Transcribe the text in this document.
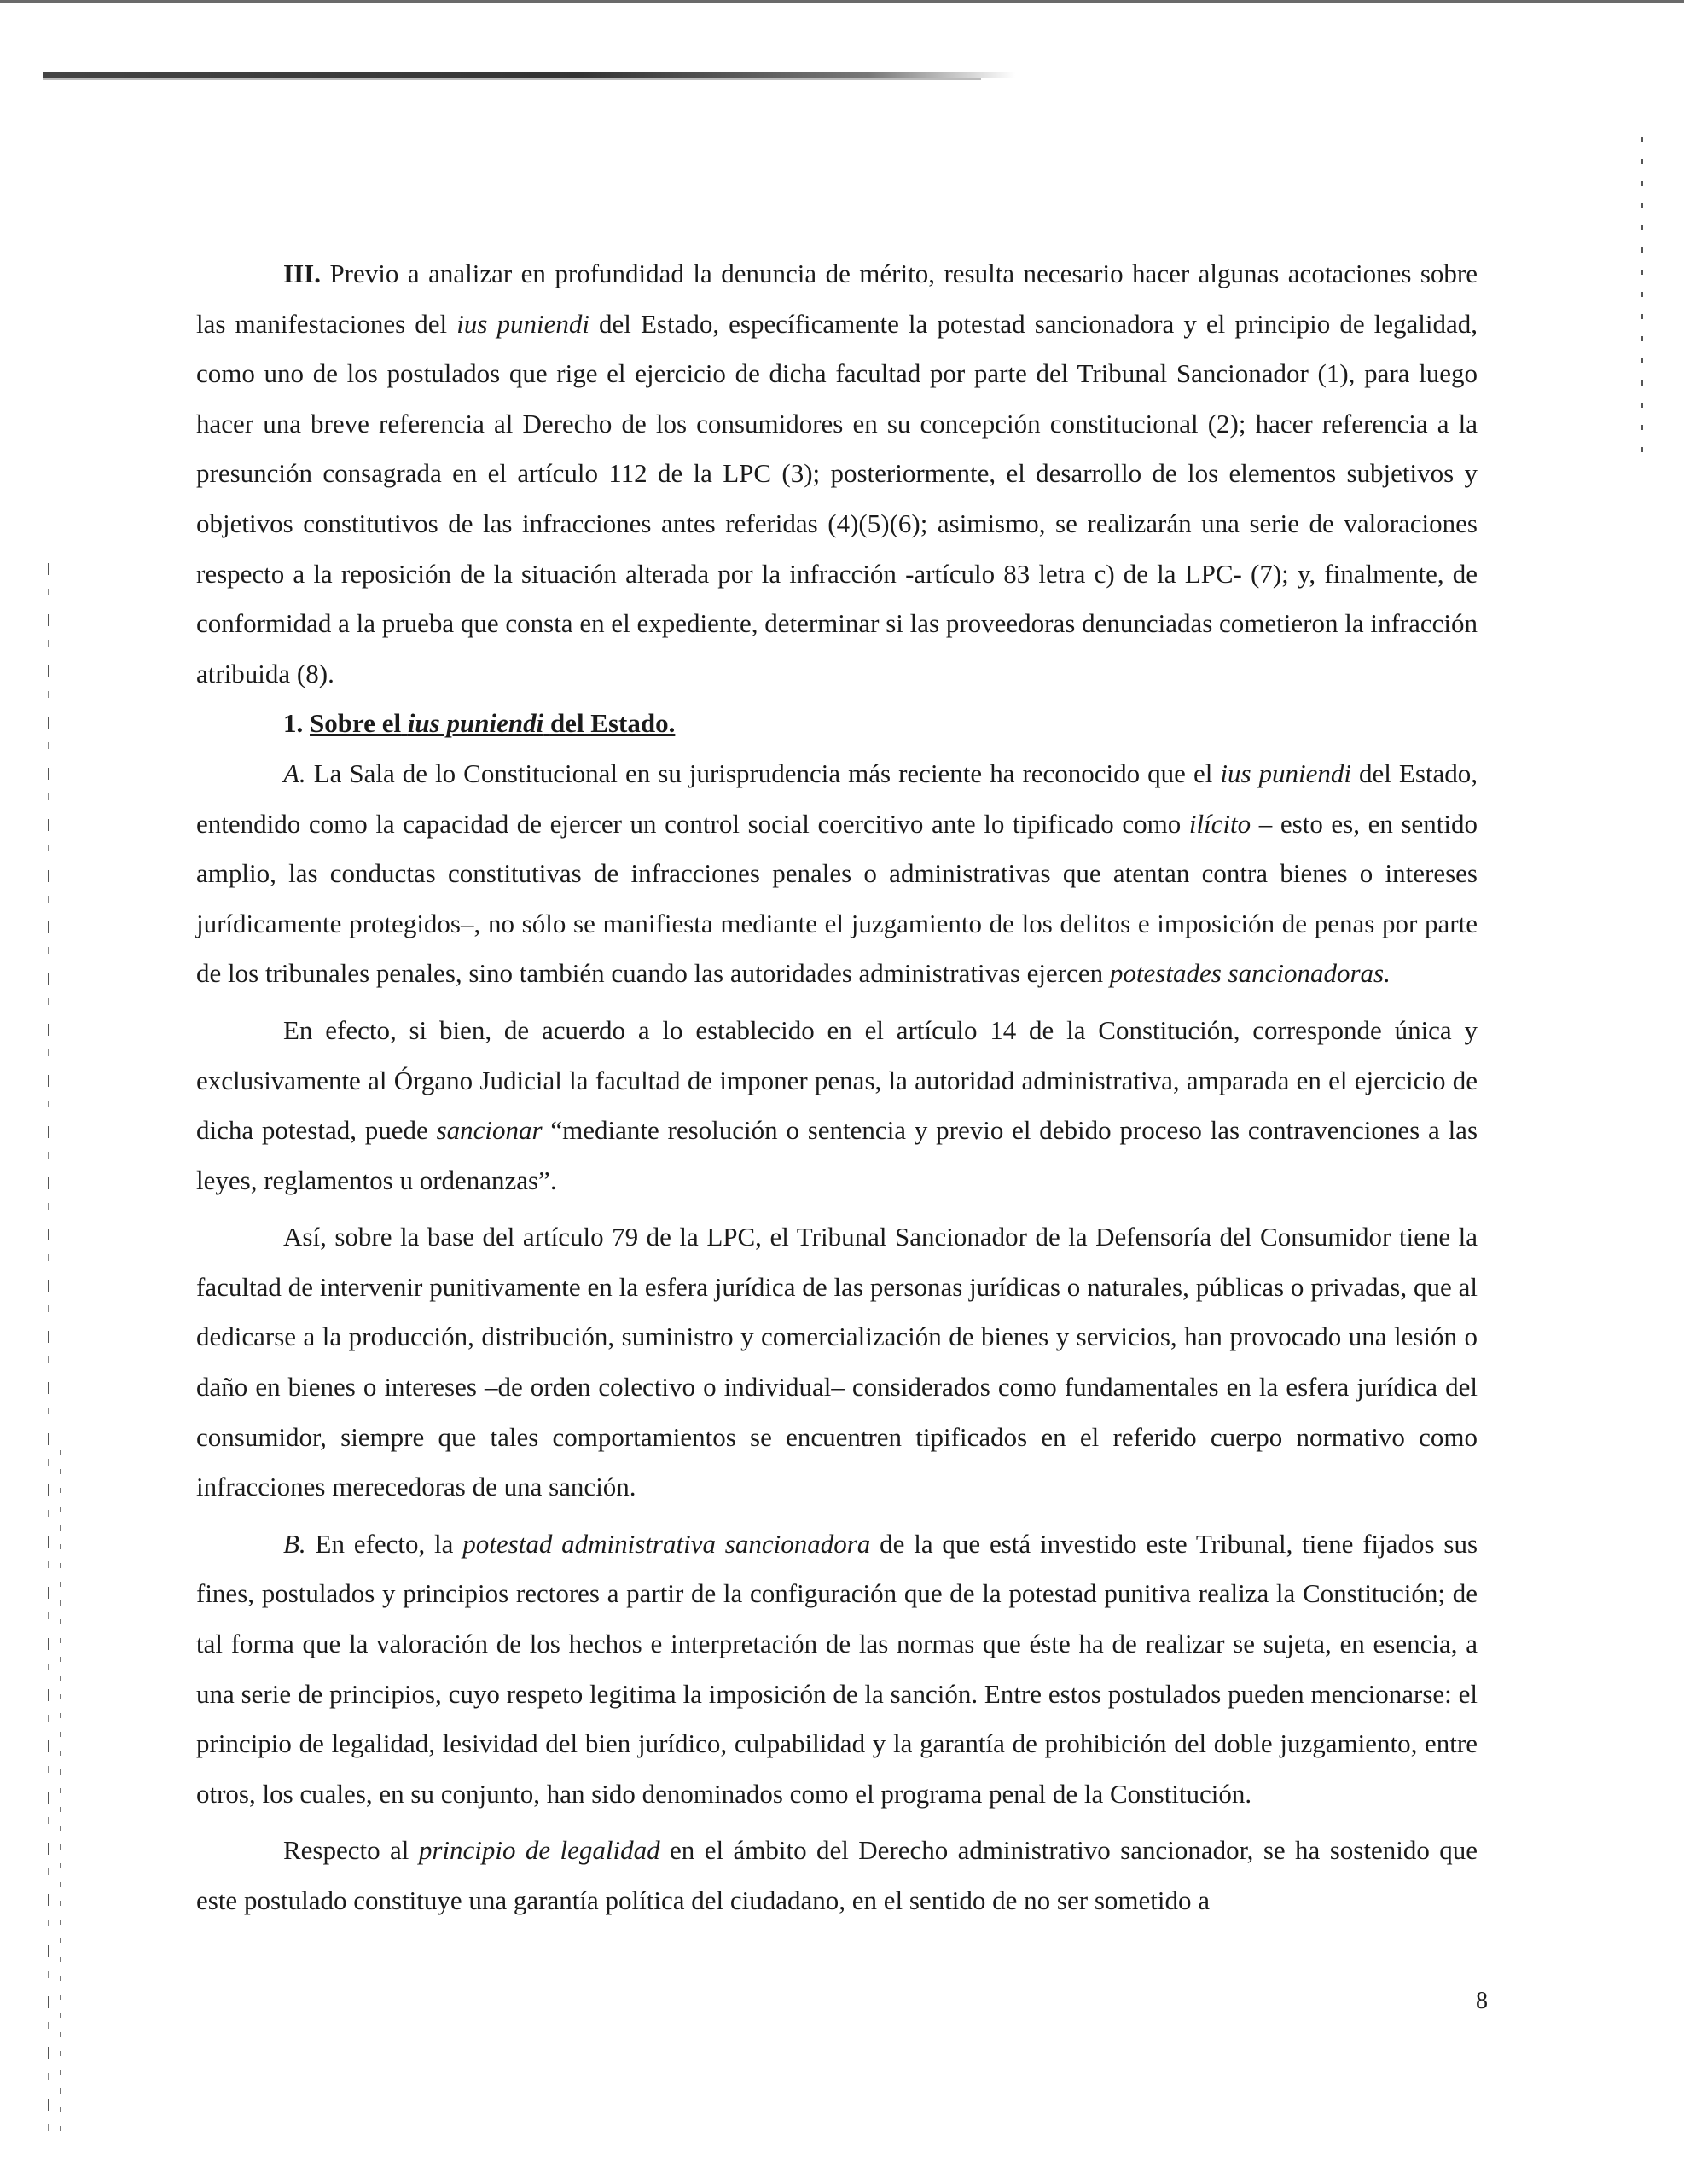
III. Previo a analizar en profundidad la denuncia de mérito, resulta necesario hacer algunas acotaciones sobre las manifestaciones del ius puniendi del Estado, específicamente la potestad sancionadora y el principio de legalidad, como uno de los postulados que rige el ejercicio de dicha facultad por parte del Tribunal Sancionador (1), para luego hacer una breve referencia al Derecho de los consumidores en su concepción constitucional (2); hacer referencia a la presunción consagrada en el artículo 112 de la LPC (3); posteriormente, el desarrollo de los elementos subjetivos y objetivos constitutivos de las infracciones antes referidas (4)(5)(6); asimismo, se realizarán una serie de valoraciones respecto a la reposición de la situación alterada por la infracción -artículo 83 letra c) de la LPC- (7); y, finalmente, de conformidad a la prueba que consta en el expediente, determinar si las proveedoras denunciadas cometieron la infracción atribuida (8).

1. Sobre el ius puniendi del Estado.

A. La Sala de lo Constitucional en su jurisprudencia más reciente ha reconocido que el ius puniendi del Estado, entendido como la capacidad de ejercer un control social coercitivo ante lo tipificado como ilícito – esto es, en sentido amplio, las conductas constitutivas de infracciones penales o administrativas que atentan contra bienes o intereses jurídicamente protegidos–, no sólo se manifiesta mediante el juzgamiento de los delitos e imposición de penas por parte de los tribunales penales, sino también cuando las autoridades administrativas ejercen potestades sancionadoras.

En efecto, si bien, de acuerdo a lo establecido en el artículo 14 de la Constitución, corresponde única y exclusivamente al Órgano Judicial la facultad de imponer penas, la autoridad administrativa, amparada en el ejercicio de dicha potestad, puede sancionar “mediante resolución o sentencia y previo el debido proceso las contravenciones a las leyes, reglamentos u ordenanzas”.

Así, sobre la base del artículo 79 de la LPC, el Tribunal Sancionador de la Defensoría del Consumidor tiene la facultad de intervenir punitivamente en la esfera jurídica de las personas jurídicas o naturales, públicas o privadas, que al dedicarse a la producción, distribución, suministro y comercialización de bienes y servicios, han provocado una lesión o daño en bienes o intereses –de orden colectivo o individual– considerados como fundamentales en la esfera jurídica del consumidor, siempre que tales comportamientos se encuentren tipificados en el referido cuerpo normativo como infracciones merecedoras de una sanción.

B. En efecto, la potestad administrativa sancionadora de la que está investido este Tribunal, tiene fijados sus fines, postulados y principios rectores a partir de la configuración que de la potestad punitiva realiza la Constitución; de tal forma que la valoración de los hechos e interpretación de las normas que éste ha de realizar se sujeta, en esencia, a una serie de principios, cuyo respeto legitima la imposición de la sanción. Entre estos postulados pueden mencionarse: el principio de legalidad, lesividad del bien jurídico, culpabilidad y la garantía de prohibición del doble juzgamiento, entre otros, los cuales, en su conjunto, han sido denominados como el programa penal de la Constitución.

Respecto al principio de legalidad en el ámbito del Derecho administrativo sancionador, se ha sostenido que este postulado constituye una garantía política del ciudadano, en el sentido de no ser sometido a

8
